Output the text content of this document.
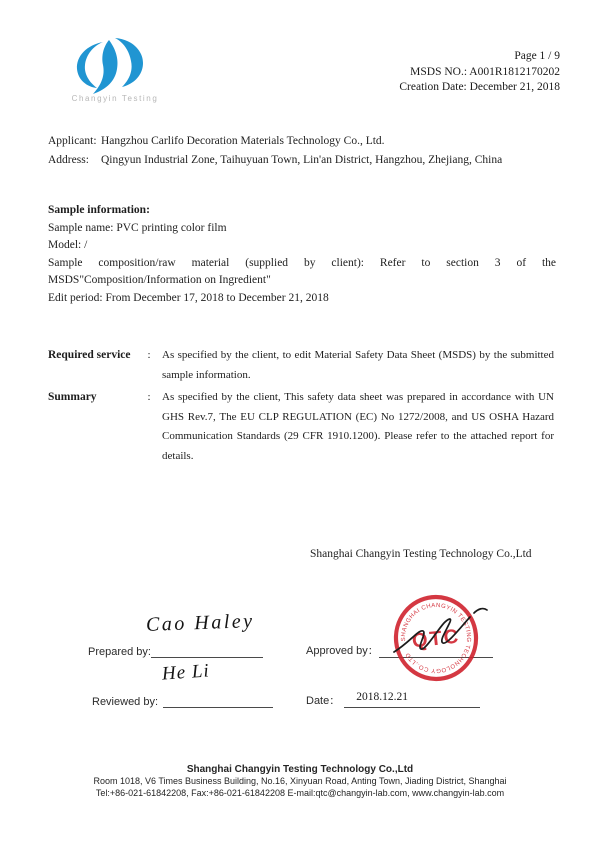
Changyin Testing
Page 1 / 9
MSDS NO.: A001R1812170202
Creation Date: December 21, 2018
Applicant: Hangzhou Carlifo Decoration Materials Technology Co., Ltd.
Address:	Qingyun Industrial Zone, Taihuyuan Town, Lin'an District, Hangzhou, Zhejiang, China
Sample information:
Sample name: PVC printing color film
Model: /
Sample composition/raw material (supplied by client): Refer to section 3 of the MSDS"Composition/Information on Ingredient"
Edit period: From December 17, 2018 to December 21, 2018
Required service	:	As specified by the client, to edit Material Safety Data Sheet (MSDS) by the submitted sample information.
Summary	:	As specified by the client, This safety data sheet was prepared in accordance with UN GHS Rev.7, The EU CLP REGULATION (EC) No 1272/2008, and US OSHA Hazard Communication Standards (29 CFR 1910.1200). Please refer to the attached report for details.
Shanghai Changyin Testing Technology Co.,Ltd
Cao Haley
Prepared by:	Approved by：
He Li
Reviewed by:	Date：	2018.12.21
SHANGHAI CHANGYIN TESTING TECHNOLOGY CO.,LTD
QTC
Shanghai Changyin Testing Technology Co.,Ltd
Room 1018, V6 Times Business Building, No.16, Xinyuan Road, Anting Town, Jiading District, Shanghai
Tel:+86-021-61842208, Fax:+86-021-61842208 E-mail:qtc@changyin-lab.com, www.changyin-lab.com
